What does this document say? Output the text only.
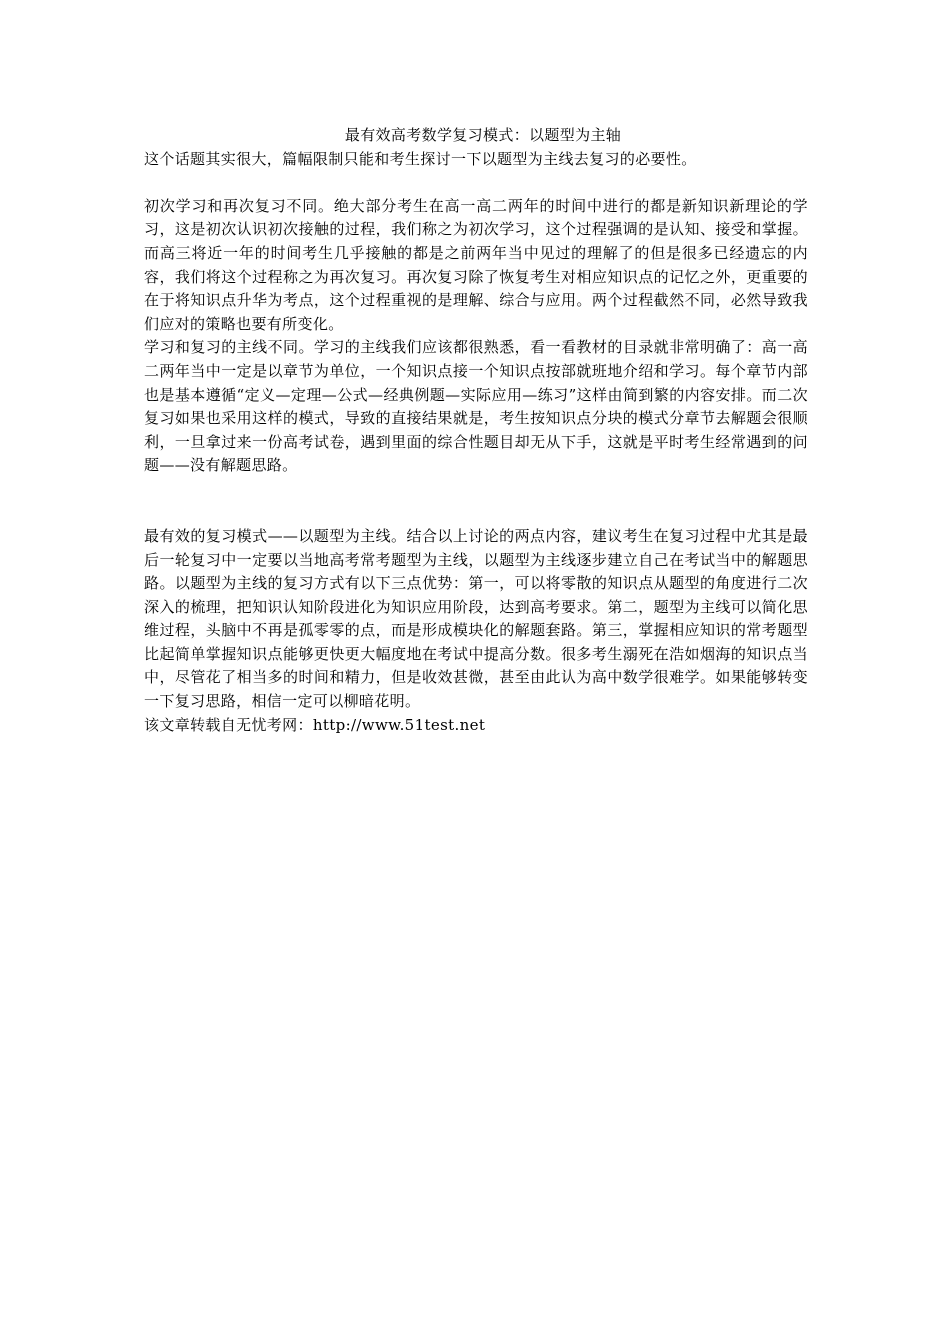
最有效高考数学复习模式：以题型为主轴

这个话题其实很大，篇幅限制只能和考生探讨一下以题型为主线去复习的必要性。

初次学习和再次复习不同。绝大部分考生在高一高二两年的时间中进行的都是新知识新理论的学习，这是初次认识初次接触的过程，我们称之为初次学习，这个过程强调的是认知、接受和掌握。而高三将近一年的时间考生几乎接触的都是之前两年当中见过的理解了的但是很多已经遗忘的内容，我们将这个过程称之为再次复习。再次复习除了恢复考生对相应知识点的记忆之外，更重要的在于将知识点升华为考点，这个过程重视的是理解、综合与应用。两个过程截然不同，必然导致我们应对的策略也要有所变化。

学习和复习的主线不同。学习的主线我们应该都很熟悉，看一看教材的目录就非常明确了：高一高二两年当中一定是以章节为单位，一个知识点接一个知识点按部就班地介绍和学习。每个章节内部也是基本遵循“定义—定理—公式—经典例题—实际应用—练习”这样由简到繁的内容安排。而二次复习如果也采用这样的模式，导致的直接结果就是，考生按知识点分块的模式分章节去解题会很顺利，一旦拿过来一份高考试卷，遇到里面的综合性题目却无从下手，这就是平时考生经常遇到的问题——没有解题思路。

最有效的复习模式——以题型为主线。结合以上讨论的两点内容，建议考生在复习过程中尤其是最后一轮复习中一定要以当地高考常考题型为主线，以题型为主线逐步建立自己在考试当中的解题思路。以题型为主线的复习方式有以下三点优势：第一，可以将零散的知识点从题型的角度进行二次深入的梳理，把知识认知阶段进化为知识应用阶段，达到高考要求。第二，题型为主线可以简化思维过程，头脑中不再是孤零零的点，而是形成模块化的解题套路。第三，掌握相应知识的常考题型比起简单掌握知识点能够更快更大幅度地在考试中提高分数。很多考生溺死在浩如烟海的知识点当中，尽管花了相当多的时间和精力，但是收效甚微，甚至由此认为高中数学很难学。如果能够转变一下复习思路，相信一定可以柳暗花明。

该文章转载自无忧考网：http://www.51test.net
